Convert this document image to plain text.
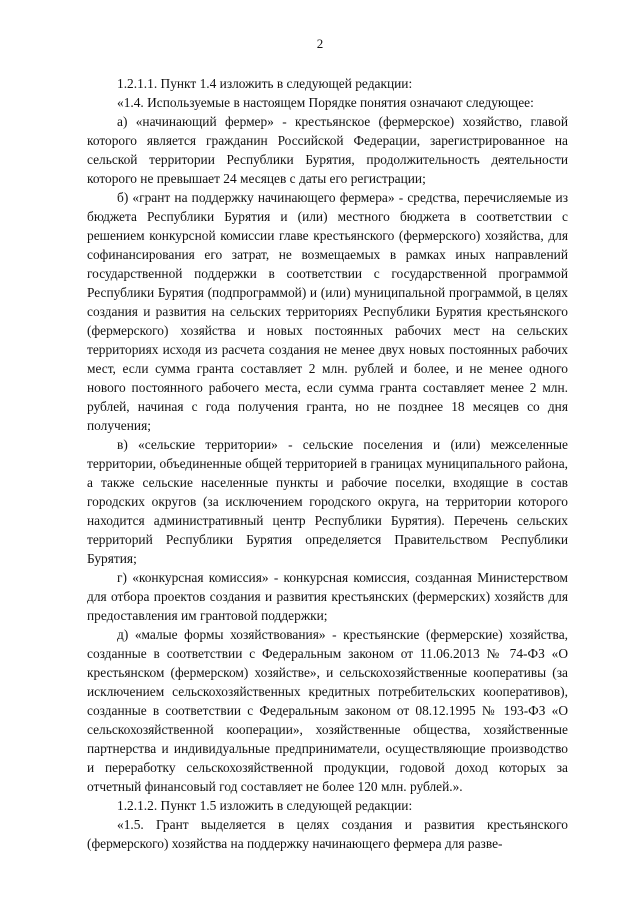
2

1.2.1.1. Пункт 1.4 изложить в следующей редакции:

«1.4. Используемые в настоящем Порядке понятия означают следующее:

а) «начинающий фермер» - крестьянское (фермерское) хозяйство, главой которого является гражданин Российской Федерации, зарегистрированное на сельской территории Республики Бурятия, продолжительность деятельности которого не превышает 24 месяцев с даты его регистрации;

б) «грант на поддержку начинающего фермера» - средства, перечисляемые из бюджета Республики Бурятия и (или) местного бюджета в соответствии с решением конкурсной комиссии главе крестьянского (фермерского) хозяйства, для софинансирования его затрат, не возмещаемых в рамках иных направлений государственной поддержки в соответствии с государственной программой Республики Бурятия (подпрограммой) и (или) муниципальной программой, в целях создания и развития на сельских территориях Республики Бурятия крестьянского (фермерского) хозяйства и новых постоянных рабочих мест на сельских территориях исходя из расчета создания не менее двух новых постоянных рабочих мест, если сумма гранта составляет 2 млн. рублей и более, и не менее одного нового постоянного рабочего места, если сумма гранта составляет менее 2 млн. рублей, начиная с года получения гранта, но не позднее 18 месяцев со дня получения;

в) «сельские территории» - сельские поселения и (или) межселенные территории, объединенные общей территорией в границах муниципального района, а также сельские населенные пункты и рабочие поселки, входящие в состав городских округов (за исключением городского округа, на территории которого находится административный центр Республики Бурятия). Перечень сельских территорий Республики Бурятия определяется Правительством Республики Бурятия;

г) «конкурсная комиссия» - конкурсная комиссия, созданная Министерством для отбора проектов создания и развития крестьянских (фермерских) хозяйств для предоставления им грантовой поддержки;

д) «малые формы хозяйствования» - крестьянские (фермерские) хозяйства, созданные в соответствии с Федеральным законом от 11.06.2013 № 74-ФЗ «О крестьянском (фермерском) хозяйстве», и сельскохозяйственные кооперативы (за исключением сельскохозяйственных кредитных потребительских кооперативов), созданные в соответствии с Федеральным законом от 08.12.1995 № 193-ФЗ «О сельскохозяйственной кооперации», хозяйственные общества, хозяйственные партнерства и индивидуальные предприниматели, осуществляющие производство и переработку сельскохозяйственной продукции, годовой доход которых за отчетный финансовый год составляет не более 120 млн. рублей.».

1.2.1.2. Пункт 1.5 изложить в следующей редакции:

«1.5. Грант выделяется в целях создания и развития крестьянского (фермерского) хозяйства на поддержку начинающего фермера для разве-
